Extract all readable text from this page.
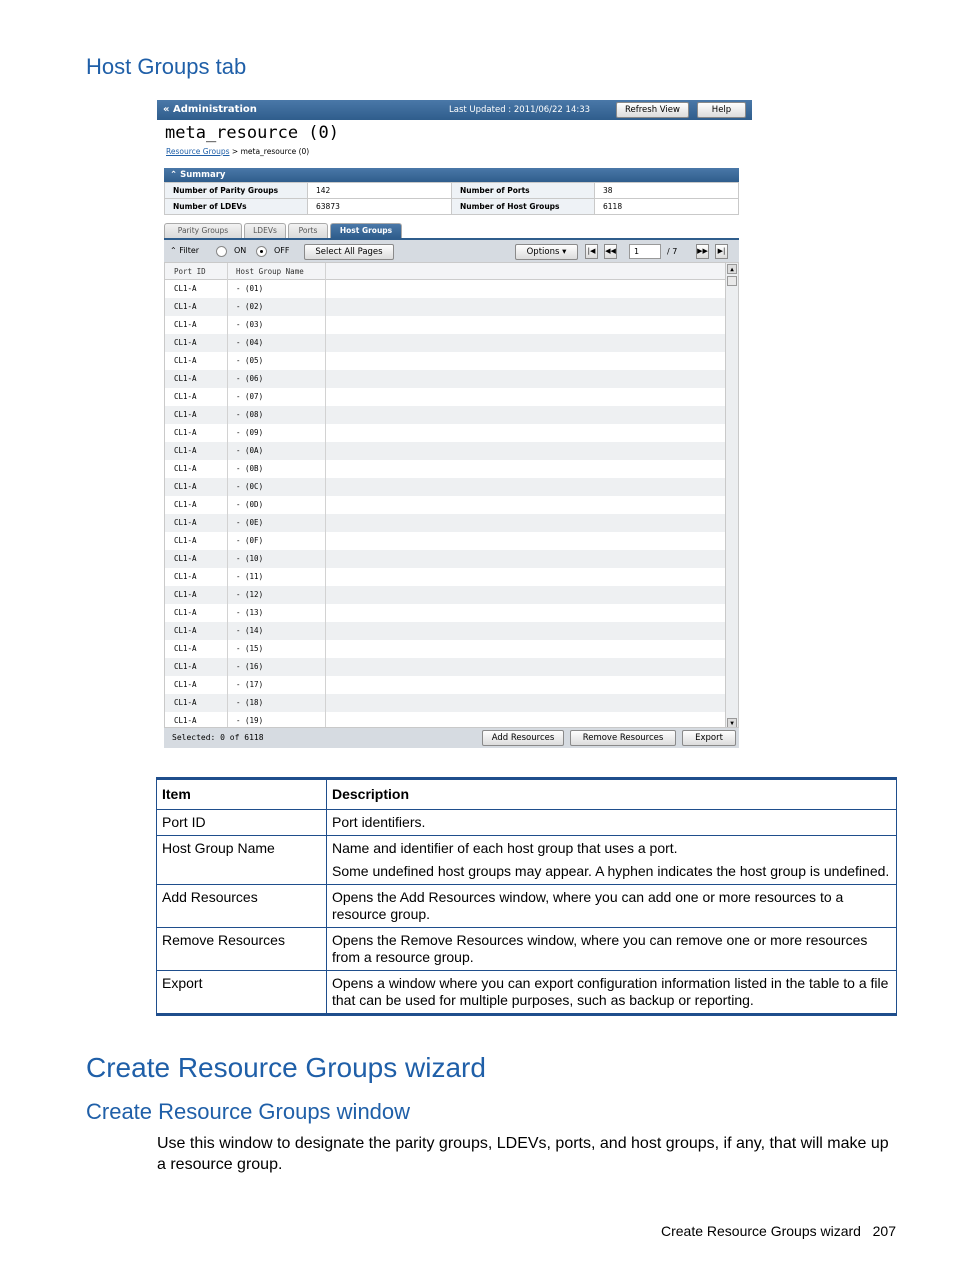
Host Groups tab
« Administration	Last Updated : 2011/06/22 14:33	Refresh View	Help
meta_resource (0)
Resource Groups > meta_resource (0)
⌃ Summary
Number of Parity Groups	142	Number of Ports	38
Number of LDEVs	63873	Number of Host Groups	6118
Parity Groups	LDEVs	Ports	Host Groups
⌃ Filter	ON	OFF	Select All Pages	Options ▾	|◀	◀◀	1	/ 7	▶▶	▶|
Port ID	Host Group Name
CL1-A	- (01)
CL1-A	- (02)
CL1-A	- (03)
CL1-A	- (04)
CL1-A	- (05)
CL1-A	- (06)
CL1-A	- (07)
CL1-A	- (08)
CL1-A	- (09)
CL1-A	- (0A)
CL1-A	- (0B)
CL1-A	- (0C)
CL1-A	- (0D)
CL1-A	- (0E)
CL1-A	- (0F)
CL1-A	- (10)
CL1-A	- (11)
CL1-A	- (12)
CL1-A	- (13)
CL1-A	- (14)
CL1-A	- (15)
CL1-A	- (16)
CL1-A	- (17)
CL1-A	- (18)
CL1-A	- (19)
▲
▼
Selected: 0 of 6118	Add Resources	Remove Resources	Export
Item	Description
Port ID	Port identifiers.

Host Group Name	Name and identifier of each host group that uses a port.

Some undefined host groups may appear. A hyphen indicates the host group is undefined.

Add Resources	Opens the Add Resources window, where you can add one or more resources to a resource group.

Remove Resources	Opens the Remove Resources window, where you can remove one or more resources from a resource group.

Export	Opens a window where you can export configuration information listed in the table to a file that can be used for multiple purposes, such as backup or reporting.

Create Resource Groups wizard
Create Resource Groups window

Use this window to designate the parity groups, LDEVs, ports, and host groups, if any, that will make up a resource group.

Create Resource Groups wizard   207
